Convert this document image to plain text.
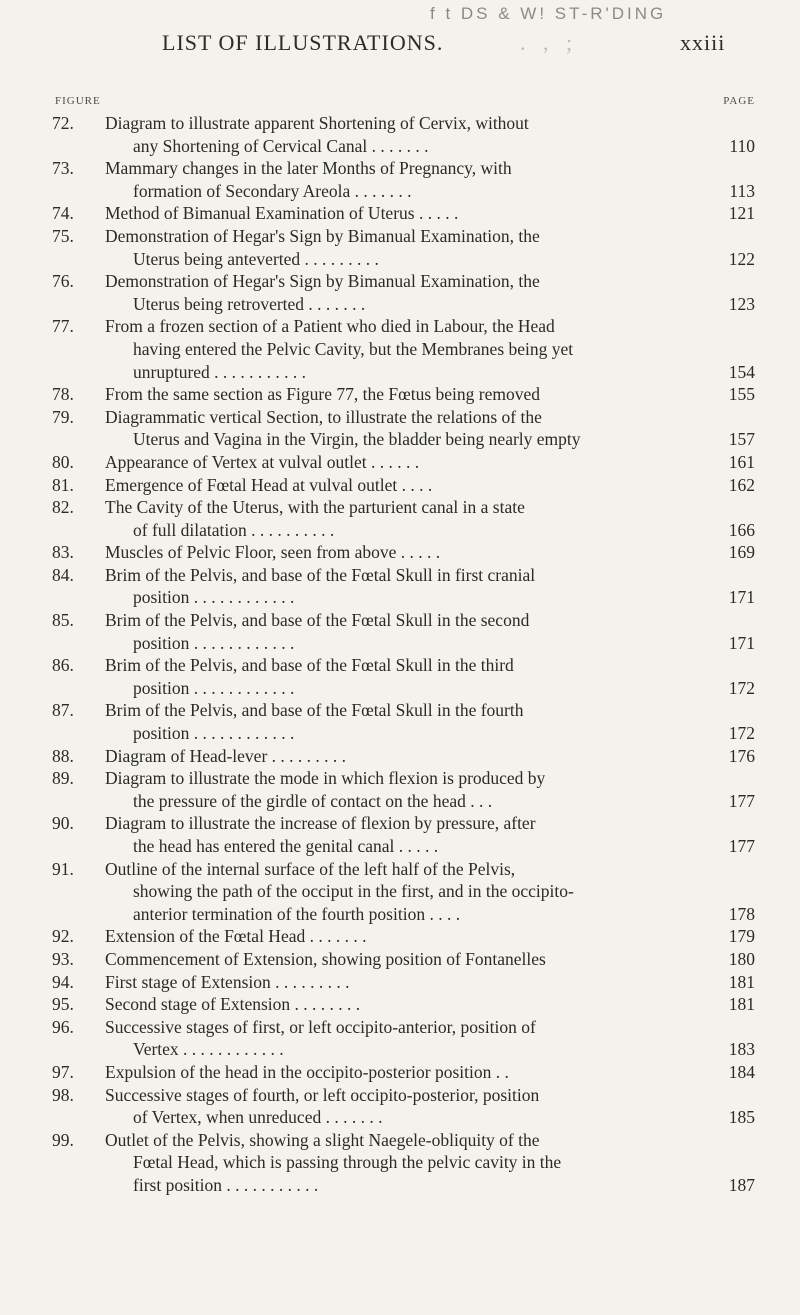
f t DS & W! ST-R'DING
LIST OF ILLUSTRATIONS.	. , ;	xxiii
FIGURE	PAGE
72. Diagram to illustrate apparent Shortening of Cervix, without
any Shortening of Cervical Canal . . . . . . .	110
73. Mammary changes in the later Months of Pregnancy, with
formation of Secondary Areola . . . . . . .	113
74. Method of Bimanual Examination of Uterus . . . . .	121
75. Demonstration of Hegar's Sign by Bimanual Examination, the
Uterus being anteverted . . . . . . . . .	122
76. Demonstration of Hegar's Sign by Bimanual Examination, the
Uterus being retroverted . . . . . . .	123
77. From a frozen section of a Patient who died in Labour, the Head
having entered the Pelvic Cavity, but the Membranes being yet
unruptured . . . . . . . . . . .	154
78. From the same section as Figure 77, the Fœtus being removed	155
79. Diagrammatic vertical Section, to illustrate the relations of the
Uterus and Vagina in the Virgin, the bladder being nearly empty	157
80. Appearance of Vertex at vulval outlet . . . . . .	161
81. Emergence of Fœtal Head at vulval outlet . . . .	162
82. The Cavity of the Uterus, with the parturient canal in a state
of full dilatation . . . . . . . . . .	166
83. Muscles of Pelvic Floor, seen from above . . . . .	169
84. Brim of the Pelvis, and base of the Fœtal Skull in first cranial
position . . . . . . . . . . . .	171
85. Brim of the Pelvis, and base of the Fœtal Skull in the second
position . . . . . . . . . . . .	171
86. Brim of the Pelvis, and base of the Fœtal Skull in the third
position . . . . . . . . . . . .	172
87. Brim of the Pelvis, and base of the Fœtal Skull in the fourth
position . . . . . . . . . . . .	172
88. Diagram of Head-lever . . . . . . . . .	176
89. Diagram to illustrate the mode in which flexion is produced by
the pressure of the girdle of contact on the head . . .	177
90. Diagram to illustrate the increase of flexion by pressure, after
the head has entered the genital canal . . . . .	177
91. Outline of the internal surface of the left half of the Pelvis,
showing the path of the occiput in the first, and in the occipito-
anterior termination of the fourth position . . . .	178
92. Extension of the Fœtal Head . . . . . . .	179
93. Commencement of Extension, showing position of Fontanelles	180
94. First stage of Extension . . . . . . . . .	181
95. Second stage of Extension . . . . . . . .	181
96. Successive stages of first, or left occipito-anterior, position of
Vertex . . . . . . . . . . . .	183
97. Expulsion of the head in the occipito-posterior position . .	184
98. Successive stages of fourth, or left occipito-posterior, position
of Vertex, when unreduced . . . . . . .	185
99. Outlet of the Pelvis, showing a slight Naegele-obliquity of the
Fœtal Head, which is passing through the pelvic cavity in the
first position . . . . . . . . . . .	187
